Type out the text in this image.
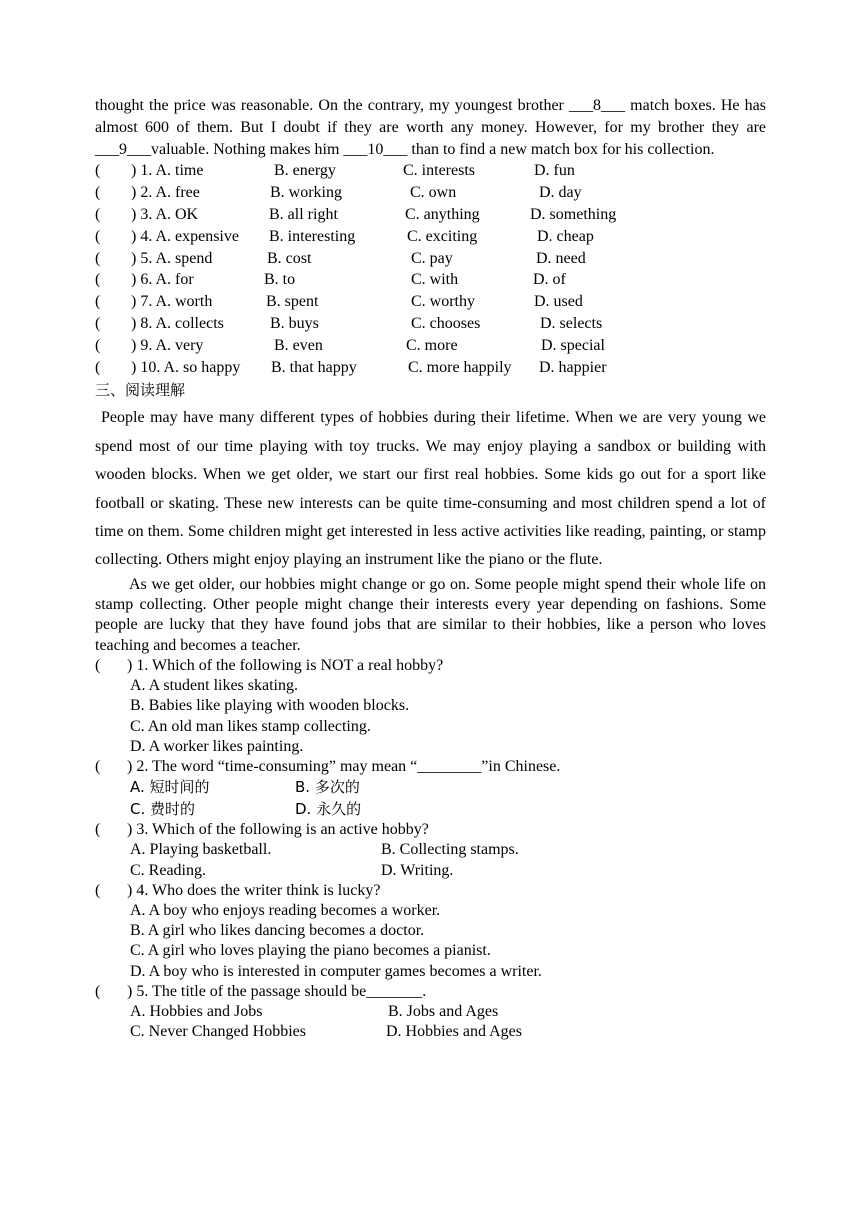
thought the price was reasonable. On the contrary, my youngest brother ___8___ match boxes. He has almost 600 of them. But I doubt if they are worth any money. However, for my brother they are ___9___valuable. Nothing makes him ___10___ than to find a new match box for his collection.

( ) 1. A. time	B. energy	C. interests	D. fun
( ) 2. A. free	B. working	C. own	D. day
( ) 3. A. OK	B. all right	C. anything	D. something
( ) 4. A. expensive B. interesting	C. exciting	D. cheap
( ) 5. A. spend	B. cost	C. pay	D. need
( ) 6. A. for	B. to	C. with	D. of
( ) 7. A. worth	B. spent	C. worthy	D. used
( ) 8. A. collects	B. buys	C. chooses	D. selects
( ) 9. A. very	B. even	C. more	D. special
( ) 10. A. so happy B. that happy	C. more happily D. happier
三、阅读理解

People may have many different types of hobbies during their lifetime. When we are very young we spend most of our time playing with toy trucks. We may enjoy playing a sandbox or building with wooden blocks. When we get older, we start our first real hobbies. Some kids go out for a sport like football or skating. These new interests can be quite time-consuming and most children spend a lot of time on them. Some children might get interested in less active activities like reading, painting, or stamp collecting. Others might enjoy playing an instrument like the piano or the flute.

As we get older, our hobbies might change or go on. Some people might spend their whole life on stamp collecting. Other people might change their interests every year depending on fashions. Some people are lucky that they have found jobs that are similar to their hobbies, like a person who loves teaching and becomes a teacher.

( ) 1. Which of the following is NOT a real hobby?
A. A student likes skating.
B. Babies like playing with wooden blocks.
C. An old man likes stamp collecting.
D. A worker likes painting.
( ) 2. The word “time-consuming” may mean “________”in Chinese.
A. 短时间的	B. 多次的
C. 费时的	D. 永久的
( ) 3. Which of the following is an active hobby?
A. Playing basketball.	B. Collecting stamps.
C. Reading.	D. Writing.
( ) 4. Who does the writer think is lucky?
A. A boy who enjoys reading becomes a worker.
B. A girl who likes dancing becomes a doctor.
C. A girl who loves playing the piano becomes a pianist.
D. A boy who is interested in computer games becomes a writer.
( ) 5. The title of the passage should be_______.
A. Hobbies and Jobs	B. Jobs and Ages
C. Never Changed Hobbies	D. Hobbies and Ages
